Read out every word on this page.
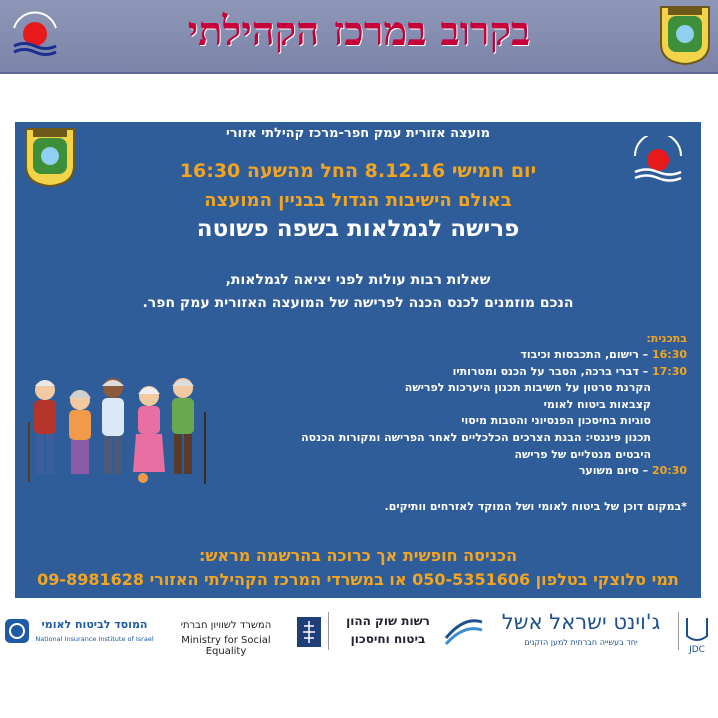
בקרוב במרכז הקהילתי
מועצה אזורית עמק חפר-מרכז קהילתי אזורי
יום חמישי 8.12.16 החל מהשעה 16:30
באולם הישיבות הגדול בבניין המועצה
פרישה לגמלאות בשפה פשוטה
שאלות רבות עולות לפני יציאה לגמלאות,
הנכם מוזמנים לכנס הכנה לפרישה של המועצה האזורית עמק חפר.
בתכנית:
16:30 – רישום, התכבסות וכיבוד
17:30 – דברי ברכה, הסבר על הכנס ומטרותיו
הקרנת סרטון על חשיבות תכנון היערכות לפרישה
קצבאות ביטוח לאומי
סוגיות בחיסכון הפנסיוני והטבות מיסוי
תכנון פיננסי: הבנת הצרכים הכלכליים לאחר הפרישה ומקורות הכנסה
היבטים מנטליים של פרישה
20:30 – סיום משוער
*במקום דוכן של ביטוח לאומי ושל המוקד לאזרחים וותיקים.
הכניסה חופשית אך כרוכה בהרשמה מראש:
תמי סלוצקי בטלפון 050-5351606 או במשרדי המרכז הקהילתי האזורי 09-8981628
המוסד לביטוח לאומי
National Insurance Institute of Israel
המשרד לשוויון חברתי
Ministry for Social Equality
רשות שוק ההון
ביטוח וחיסכון
ג'וינט ישראל אשל
יחד בעשייה חברתית למען הזקנים
JDC
